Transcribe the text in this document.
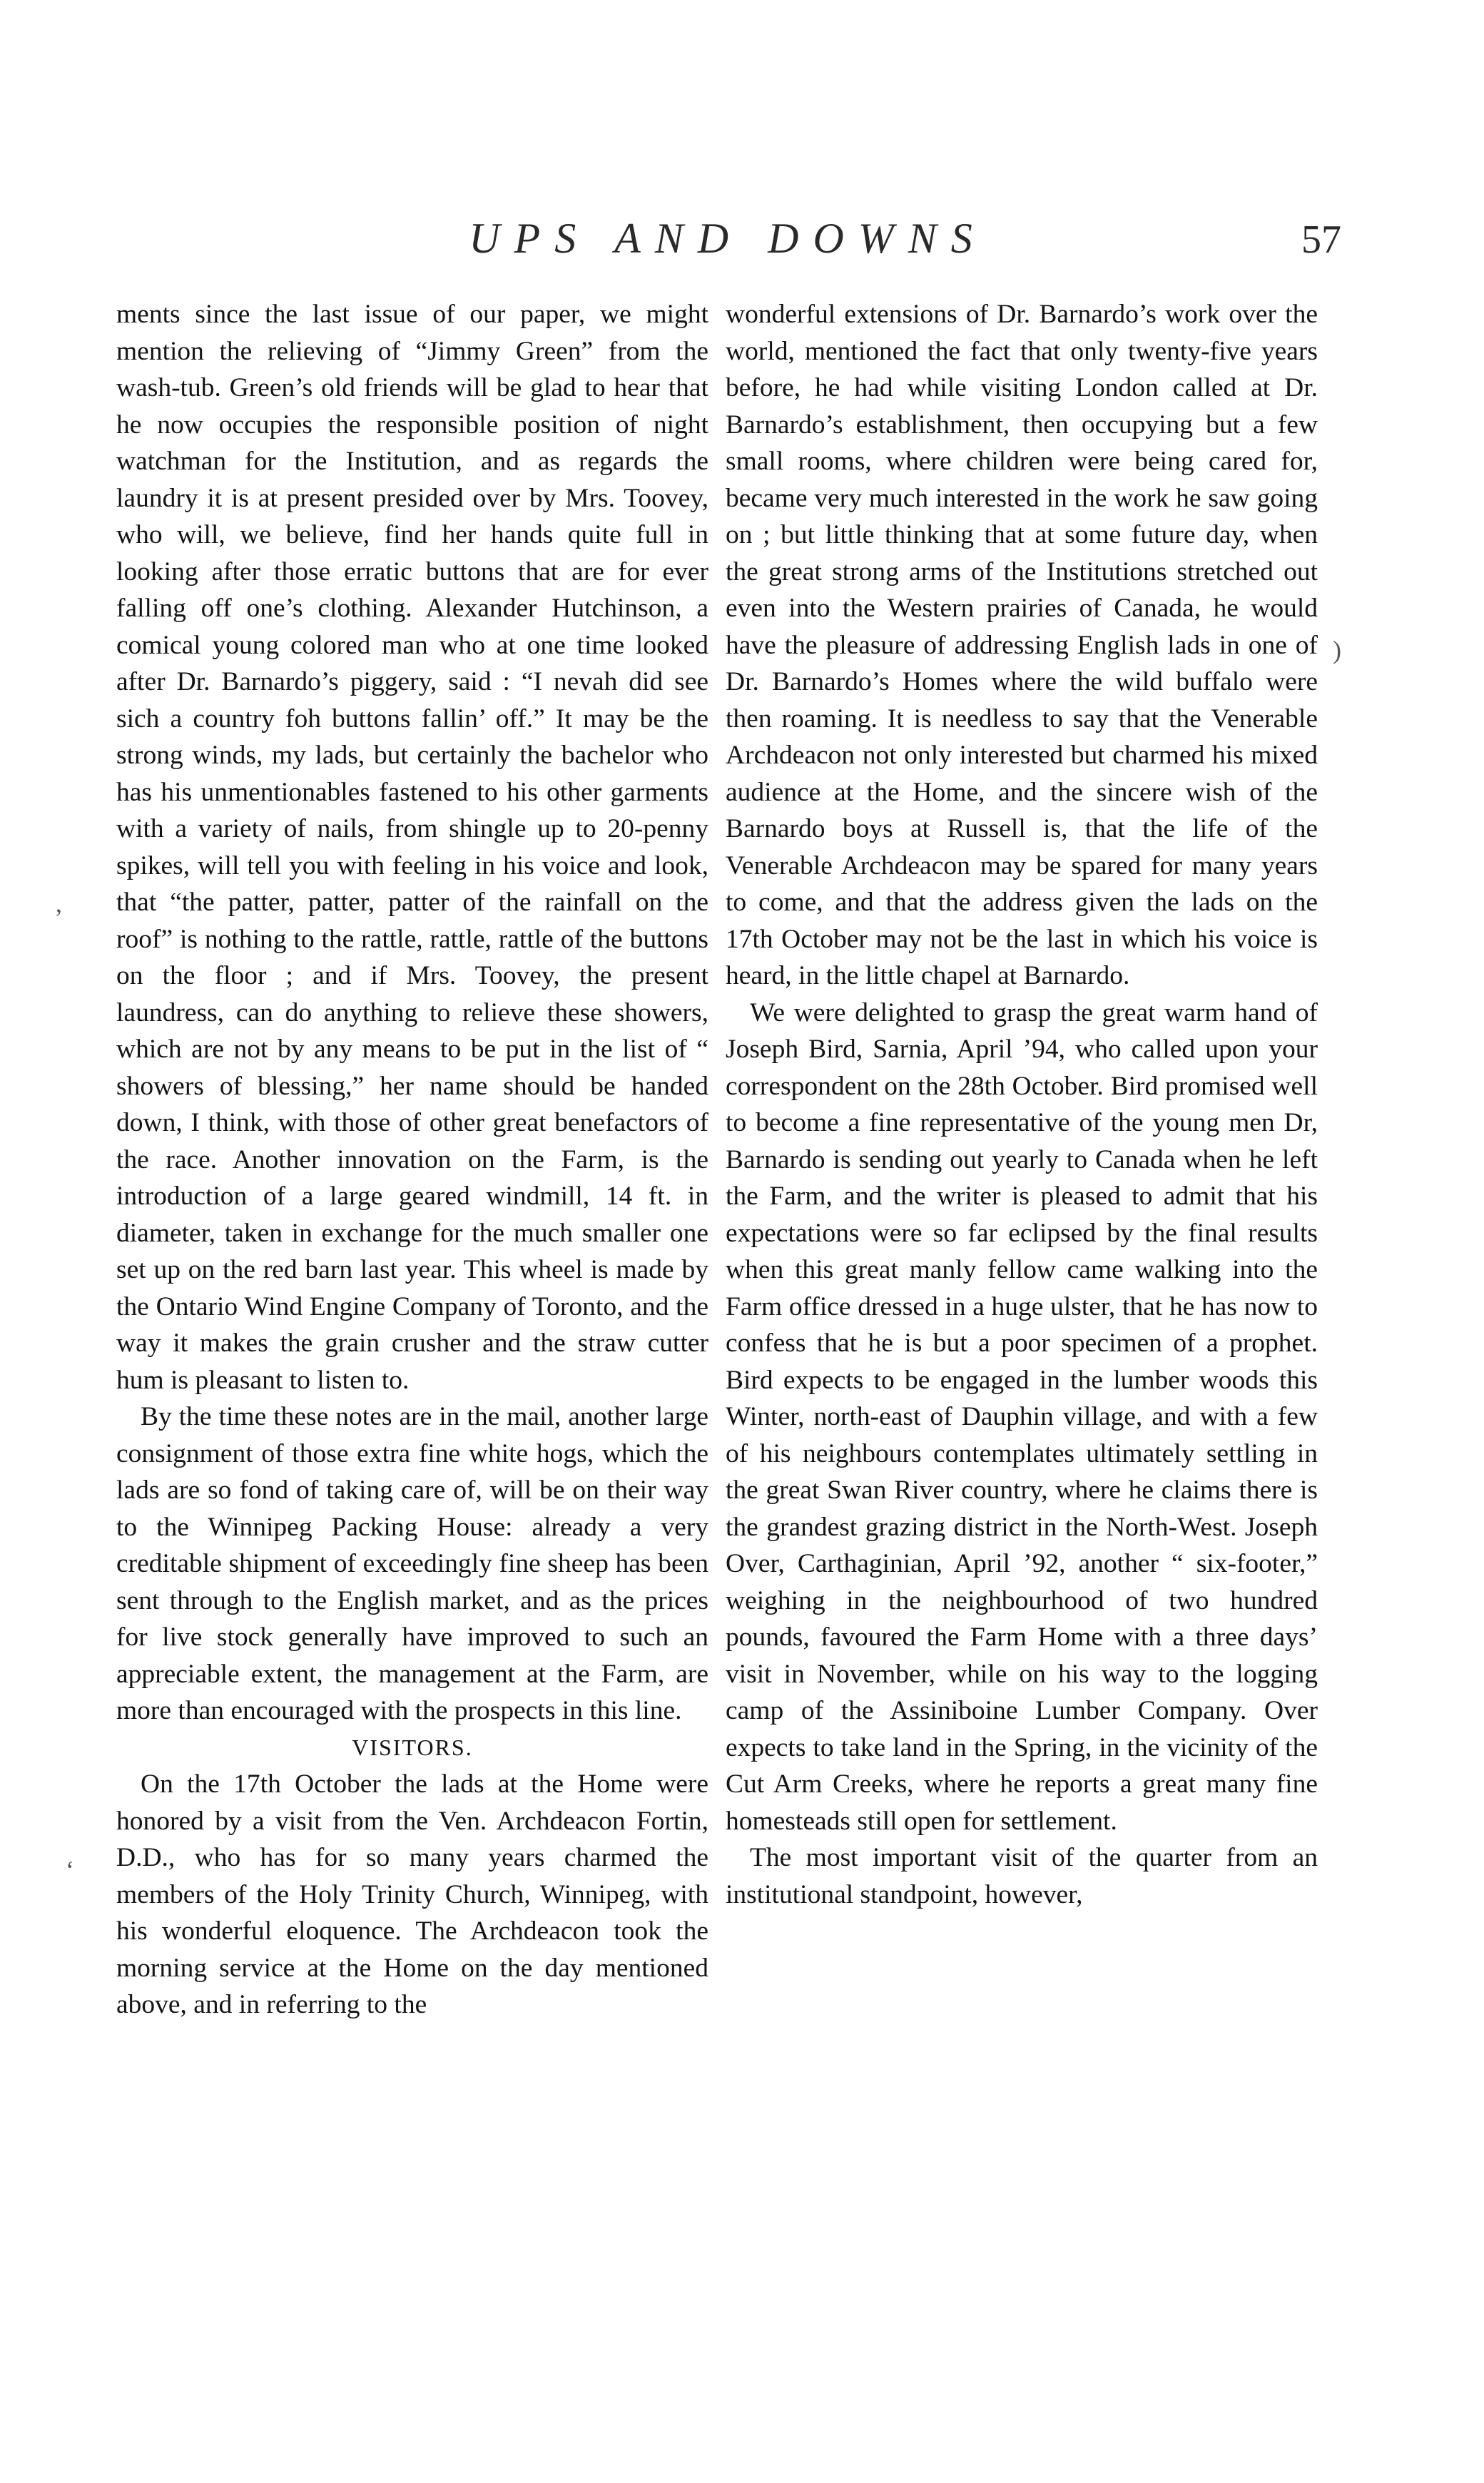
UPS AND DOWNS	57

ments since the last issue of our paper, we might mention the relieving of “Jimmy Green” from the wash-tub. Green’s old friends will be glad to hear that he now occupies the responsible position of night watchman for the Institution, and as regards the laundry it is at present presided over by Mrs. Toovey, who will, we believe, find her hands quite full in looking after those erratic buttons that are for ever falling off one’s clothing. Alexander Hutchinson, a comical young colored man who at one time looked after Dr. Barnardo’s piggery, said : “I nevah did see sich a country foh buttons fallin’ off.” It may be the strong winds, my lads, but certainly the bachelor who has his unmentionables fastened to his other garments with a variety of nails, from shingle up to 20-penny spikes, will tell you with feeling in his voice and look, that “the patter, patter, patter of the rainfall on the roof” is nothing to the rattle, rattle, rattle of the buttons on the floor ; and if Mrs. Toovey, the present laundress, can do anything to relieve these showers, which are not by any means to be put in the list of “ showers of blessing,” her name should be handed down, I think, with those of other great benefactors of the race. Another innovation on the Farm, is the introduction of a large geared windmill, 14 ft. in diameter, taken in exchange for the much smaller one set up on the red barn last year. This wheel is made by the Ontario Wind Engine Company of Toronto, and the way it makes the grain crusher and the straw cutter hum is pleasant to listen to.

By the time these notes are in the mail, another large consignment of those extra fine white hogs, which the lads are so fond of taking care of, will be on their way to the Winnipeg Packing House: already a very creditable shipment of exceedingly fine sheep has been sent through to the English market, and as the prices for live stock generally have improved to such an appreciable extent, the management at the Farm, are more than encouraged with the prospects in this line.

VISITORS.

On the 17th October the lads at the Home were honored by a visit from the Ven. Archdeacon Fortin, D.D., who has for so many years charmed the members of the Holy Trinity Church, Winnipeg, with his wonderful eloquence. The Archdeacon took the morning service at the Home on the day mentioned above, and in referring to the

wonderful extensions of Dr. Barnardo’s work over the world, mentioned the fact that only twenty-five years before, he had while visiting London called at Dr. Barnardo’s establishment, then occupying but a few small rooms, where children were being cared for, became very much interested in the work he saw going on ; but little thinking that at some future day, when the great strong arms of the Institutions stretched out even into the Western prairies of Canada, he would have the pleasure of addressing English lads in one of Dr. Barnardo’s Homes where the wild buffalo were then roaming. It is needless to say that the Venerable Archdeacon not only interested but charmed his mixed audience at the Home, and the sincere wish of the Barnardo boys at Russell is, that the life of the Venerable Archdeacon may be spared for many years to come, and that the address given the lads on the 17th October may not be the last in which his voice is heard, in the little chapel at Barnardo.

We were delighted to grasp the great warm hand of Joseph Bird, Sarnia, April ’94, who called upon your correspondent on the 28th October. Bird promised well to become a fine representative of the young men Dr, Barnardo is sending out yearly to Canada when he left the Farm, and the writer is pleased to admit that his expectations were so far eclipsed by the final results when this great manly fellow came walking into the Farm office dressed in a huge ulster, that he has now to confess that he is but a poor specimen of a prophet. Bird expects to be engaged in the lumber woods this Winter, north-east of Dauphin village, and with a few of his neighbours contemplates ultimately settling in the great Swan River country, where he claims there is the grandest grazing district in the North-West. Joseph Over, Carthaginian, April ’92, another “ six-footer,” weighing in the neighbourhood of two hundred pounds, favoured the Farm Home with a three days’ visit in November, while on his way to the logging camp of the Assiniboine Lumber Company. Over expects to take land in the Spring, in the vicinity of the Cut Arm Creeks, where he reports a great many fine homesteads still open for settlement.

The most important visit of the quarter from an institutional standpoint, however,

,
‘
)
